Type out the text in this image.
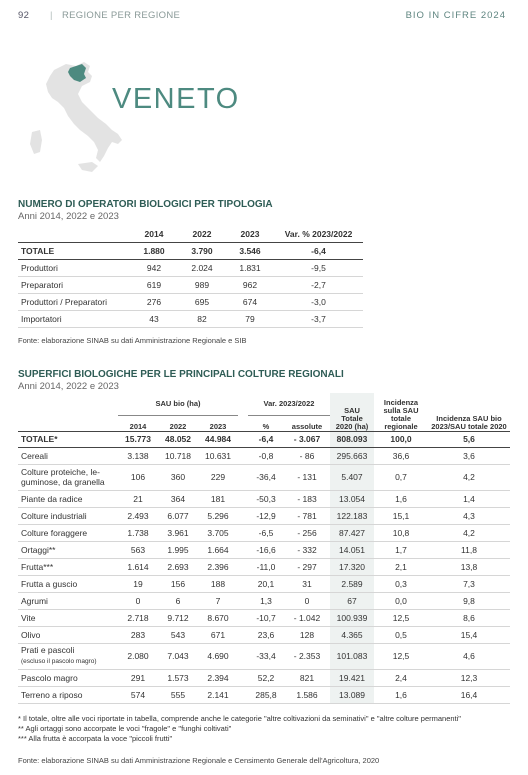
92 | REGIONE PER REGIONE	BIO IN CIFRE 2024
VENETO
NUMERO DI OPERATORI BIOLOGICI PER TIPOLOGIA
Anni 2014, 2022 e 2023
	2014	2022	2023	Var. % 2023/2022
TOTALE	1.880	3.790	3.546	-6,4
Produttori	942	2.024	1.831	-9,5
Preparatori	619	989	962	-2,7
Produttori / Preparatori	276	695	674	-3,0
Importatori	43	82	79	-3,7
Fonte: elaborazione SINAB su dati Amministrazione Regionale e SIB
SUPERFICI BIOLOGICHE PER LE PRINCIPALI COLTURE REGIONALI
Anni 2014, 2022 e 2023
	SAU bio (ha)				Var. 2023/2022		SAU Totale 2020 (ha)	Incidenza sulla SAU totale regionale	Incidenza SAU bio 2023/SAU totale 2020
	2014	2022	2023		%	assolute			
TOTALE*	15.773	48.052	44.984		-6,4	- 3.067	808.093	100,0	5,6
Cereali	3.138	10.718	10.631		-0,8	- 86	295.663	36,6	3,6
Colture proteiche, le-
guminose, da granella	106	360	229		-36,4	- 131	5.407	0,7	4,2
Piante da radice	21	364	181		-50,3	- 183	13.054	1,6	1,4
Colture industriali	2.493	6.077	5.296		-12,9	- 781	122.183	15,1	4,3
Colture foraggere	1.738	3.961	3.705		-6,5	- 256	87.427	10,8	4,2
Ortaggi**	563	1.995	1.664		-16,6	- 332	14.051	1,7	11,8
Frutta***	1.614	2.693	2.396		-11,0	- 297	17.320	2,1	13,8
Frutta a guscio	19	156	188		20,1	31	2.589	0,3	7,3
Agrumi	0	6	7		1,3	0	67	0,0	9,8
Vite	2.718	9.712	8.670		-10,7	- 1.042	100.939	12,5	8,6
Olivo	283	543	671		23,6	128	4.365	0,5	15,4
Prati e pascoli
(escluso il pascolo magro)	2.080	7.043	4.690		-33,4	- 2.353	101.083	12,5	4,6
Pascolo magro	291	1.573	2.394		52,2	821	19.421	2,4	12,3
Terreno a riposo	574	555	2.141		285,8	1.586	13.089	1,6	16,4
* Il totale, oltre alle voci riportate in tabella, comprende anche le categorie "altre coltivazioni da seminativi" e "altre colture permanenti"
** Agli ortaggi sono accorpate le voci "fragole" e "funghi coltivati"
*** Alla frutta è accorpata la voce "piccoli frutti"
Fonte: elaborazione SINAB su dati Amministrazione Regionale e Censimento Generale dell'Agricoltura, 2020
